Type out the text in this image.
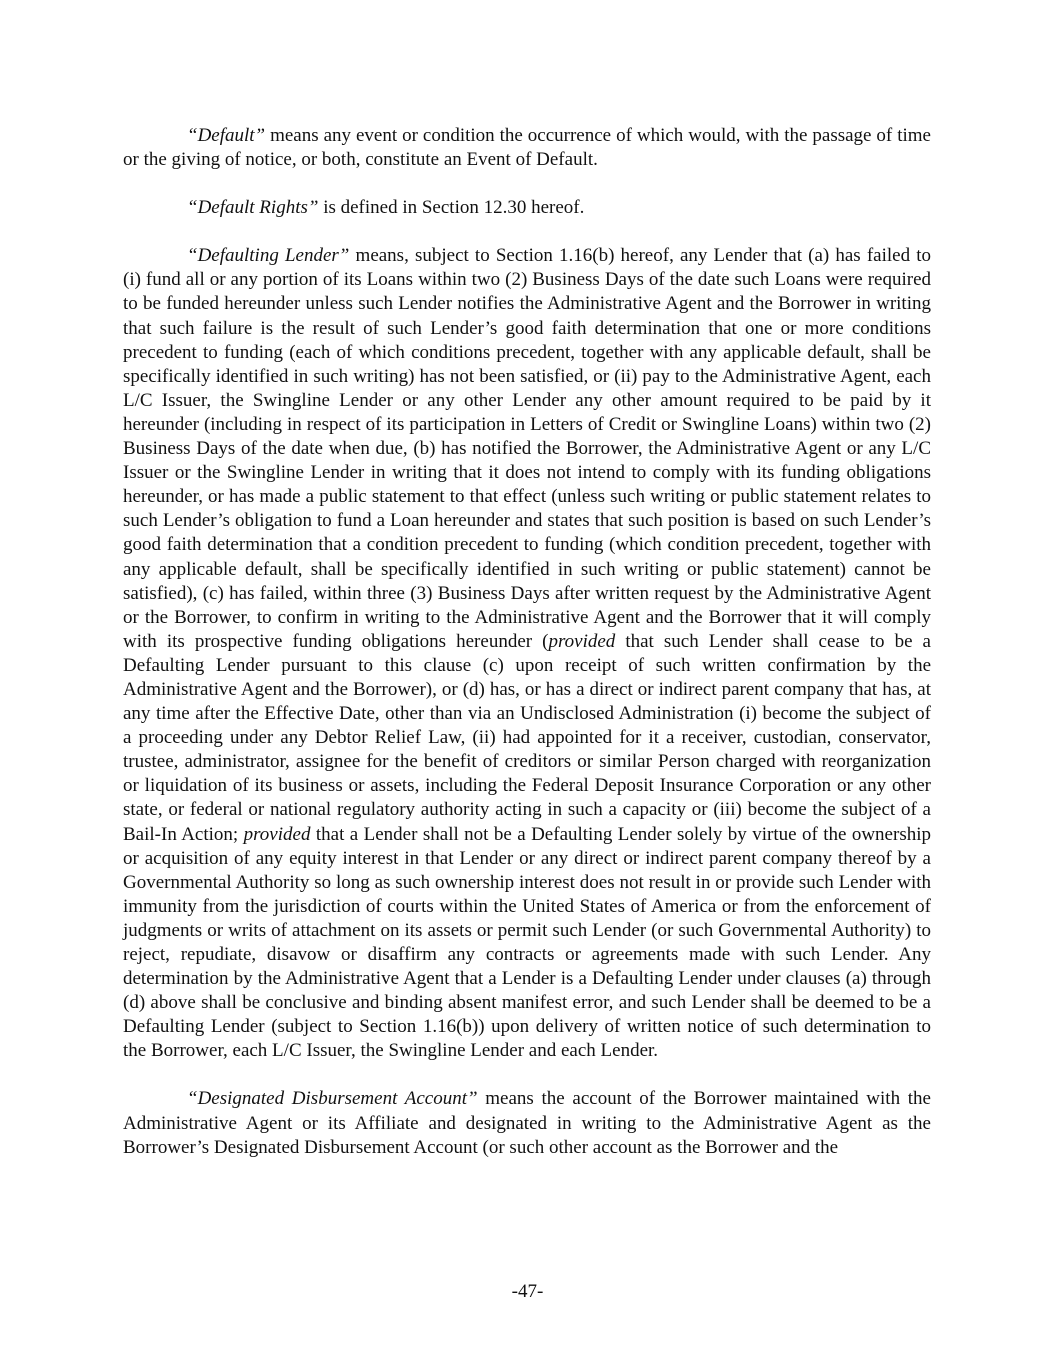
“Default” means any event or condition the occurrence of which would, with the passage of time or the giving of notice, or both, constitute an Event of Default.

“Default Rights” is defined in Section 12.30 hereof.

“Defaulting Lender” means, subject to Section 1.16(b) hereof, any Lender that (a) has failed to (i) fund all or any portion of its Loans within two (2) Business Days of the date such Loans were required to be funded hereunder unless such Lender notifies the Administrative Agent and the Borrower in writing that such failure is the result of such Lender’s good faith determination that one or more conditions precedent to funding (each of which conditions precedent, together with any applicable default, shall be specifically identified in such writing) has not been satisfied, or (ii) pay to the Administrative Agent, each L/C Issuer, the Swingline Lender or any other Lender any other amount required to be paid by it hereunder (including in respect of its participation in Letters of Credit or Swingline Loans) within two (2) Business Days of the date when due, (b) has notified the Borrower, the Administrative Agent or any L/C Issuer or the Swingline Lender in writing that it does not intend to comply with its funding obligations hereunder, or has made a public statement to that effect (unless such writing or public statement relates to such Lender’s obligation to fund a Loan hereunder and states that such position is based on such Lender’s good faith determination that a condition precedent to funding (which condition precedent, together with any applicable default, shall be specifically identified in such writing or public statement) cannot be satisfied), (c) has failed, within three (3) Business Days after written request by the Administrative Agent or the Borrower, to confirm in writing to the Administrative Agent and the Borrower that it will comply with its prospective funding obligations hereunder (provided that such Lender shall cease to be a Defaulting Lender pursuant to this clause (c) upon receipt of such written confirmation by the Administrative Agent and the Borrower), or (d) has, or has a direct or indirect parent company that has, at any time after the Effective Date, other than via an Undisclosed Administration (i) become the subject of a proceeding under any Debtor Relief Law, (ii) had appointed for it a receiver, custodian, conservator, trustee, administrator, assignee for the benefit of creditors or similar Person charged with reorganization or liquidation of its business or assets, including the Federal Deposit Insurance Corporation or any other state, or federal or national regulatory authority acting in such a capacity or (iii) become the subject of a Bail-In Action; provided that a Lender shall not be a Defaulting Lender solely by virtue of the ownership or acquisition of any equity interest in that Lender or any direct or indirect parent company thereof by a Governmental Authority so long as such ownership interest does not result in or provide such Lender with immunity from the jurisdiction of courts within the United States of America or from the enforcement of judgments or writs of attachment on its assets or permit such Lender (or such Governmental Authority) to reject, repudiate, disavow or disaffirm any contracts or agreements made with such Lender. Any determination by the Administrative Agent that a Lender is a Defaulting Lender under clauses (a) through (d) above shall be conclusive and binding absent manifest error, and such Lender shall be deemed to be a Defaulting Lender (subject to Section 1.16(b)) upon delivery of written notice of such determination to the Borrower, each L/C Issuer, the Swingline Lender and each Lender.

“Designated Disbursement Account” means the account of the Borrower maintained with the Administrative Agent or its Affiliate and designated in writing to the Administrative Agent as the Borrower’s Designated Disbursement Account (or such other account as the Borrower and the

-47-
